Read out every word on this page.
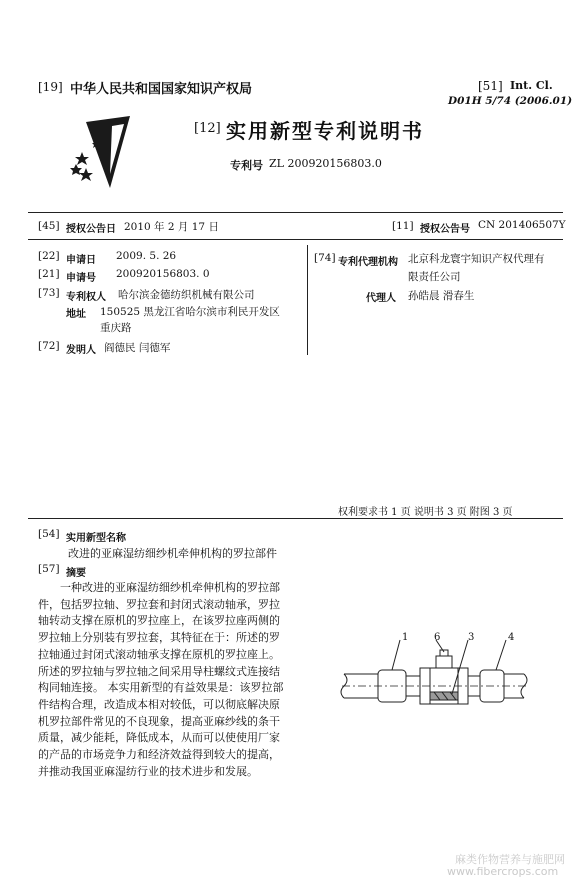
[19] 中华人民共和国国家知识产权局	[51] Int. Cl.
D01H 5/74 (2006.01)
[12] 实用新型专利说明书
专利号 ZL 200920156803.0
[45] 授权公告日 2010 年 2 月 17 日	[11] 授权公告号 CN 201406507Y
[22] 申请日 2009. 5. 26
[21] 申请号 200920156803. 0
[73] 专利权人 哈尔滨金德纺织机械有限公司
地址 150525 黑龙江省哈尔滨市利民开发区
重庆路
[72] 发明人 阎德民 闫德军
[74] 专利代理机构 北京科龙寰宇知识产权代理有
限责任公司
代理人 孙皓晨 滑春生
权利要求书 1 页 说明书 3 页 附图 3 页
[54] 实用新型名称
改进的亚麻湿纺细纱机牵伸机构的罗拉部件
[57] 摘要

一种改进的亚麻湿纺细纱机牵伸机构的罗拉部

件，包括罗拉轴、罗拉套和封闭式滚动轴承，罗拉

轴转动支撑在原机的罗拉座上，在该罗拉座两侧的

罗拉轴上分别装有罗拉套，其特征在于：所述的罗

拉轴通过封闭式滚动轴承支撑在原机的罗拉座上。

所述的罗拉轴与罗拉轴之间采用导柱螺纹式连接结

构同轴连接。 本实用新型的有益效果是：该罗拉部

件结构合理，改造成本相对较低，可以彻底解决原

机罗拉部件常见的不良现象，提高亚麻纱线的条干

质量，减少能耗，降低成本，从而可以使使用厂家

的产品的市场竞争力和经济效益得到较大的提高，

并推动我国亚麻湿纺行业的技术进步和发展。

1	6	3	4
麻类作物营养与施肥网
www.fibercrops.com
